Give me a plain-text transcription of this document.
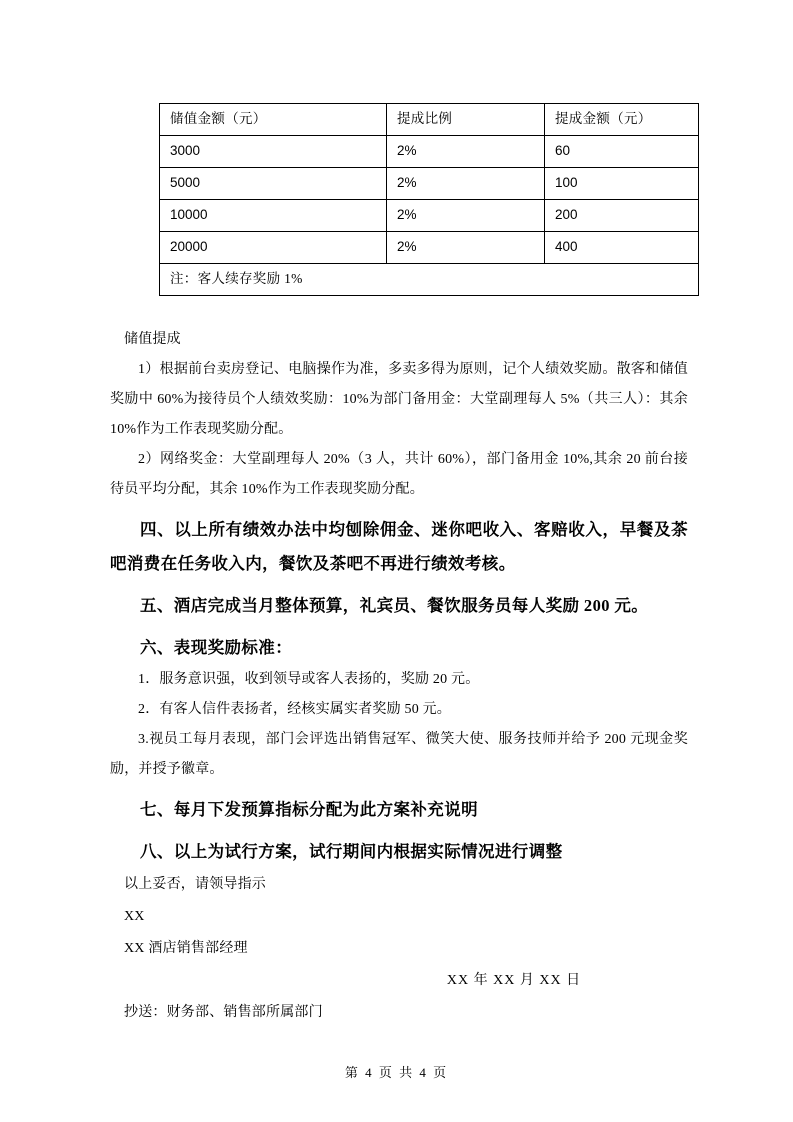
储值金额（元）	提成比例	提成金额（元）
3000	2%	60
5000	2%	100
10000	2%	200
20000	2%	400
注：客人续存奖励 1%		

储值提成

1）根据前台卖房登记、电脑操作为准，多卖多得为原则，记个人绩效奖励。散客和储值奖励中 60%为接待员个人绩效奖励：10%为部门备用金：大堂副理每人 5%（共三人）：其余 10%作为工作表现奖励分配。

2）网络奖金：大堂副理每人 20%（3 人，共计 60%），部门备用金 10%,其余 20 前台接待员平均分配，其余 10%作为工作表现奖励分配。

四、以上所有绩效办法中均刨除佣金、迷你吧收入、客赔收入，早餐及茶吧消费在任务收入内，餐饮及茶吧不再进行绩效考核。

五、酒店完成当月整体预算，礼宾员、餐饮服务员每人奖励 200 元。

六、表现奖励标准：

1．服务意识强，收到领导或客人表扬的，奖励 20 元。

2．有客人信件表扬者，经核实属实者奖励 50 元。

3.视员工每月表现，部门会评选出销售冠军、微笑大使、服务技师并给予 200 元现金奖励，并授予徽章。

七、每月下发预算指标分配为此方案补充说明

八、以上为试行方案，试行期间内根据实际情况进行调整

以上妥否，请领导指示

XX

XX 酒店销售部经理

XX 年 XX 月 XX 日

抄送：财务部、销售部所属部门

第 4 页 共 4 页
